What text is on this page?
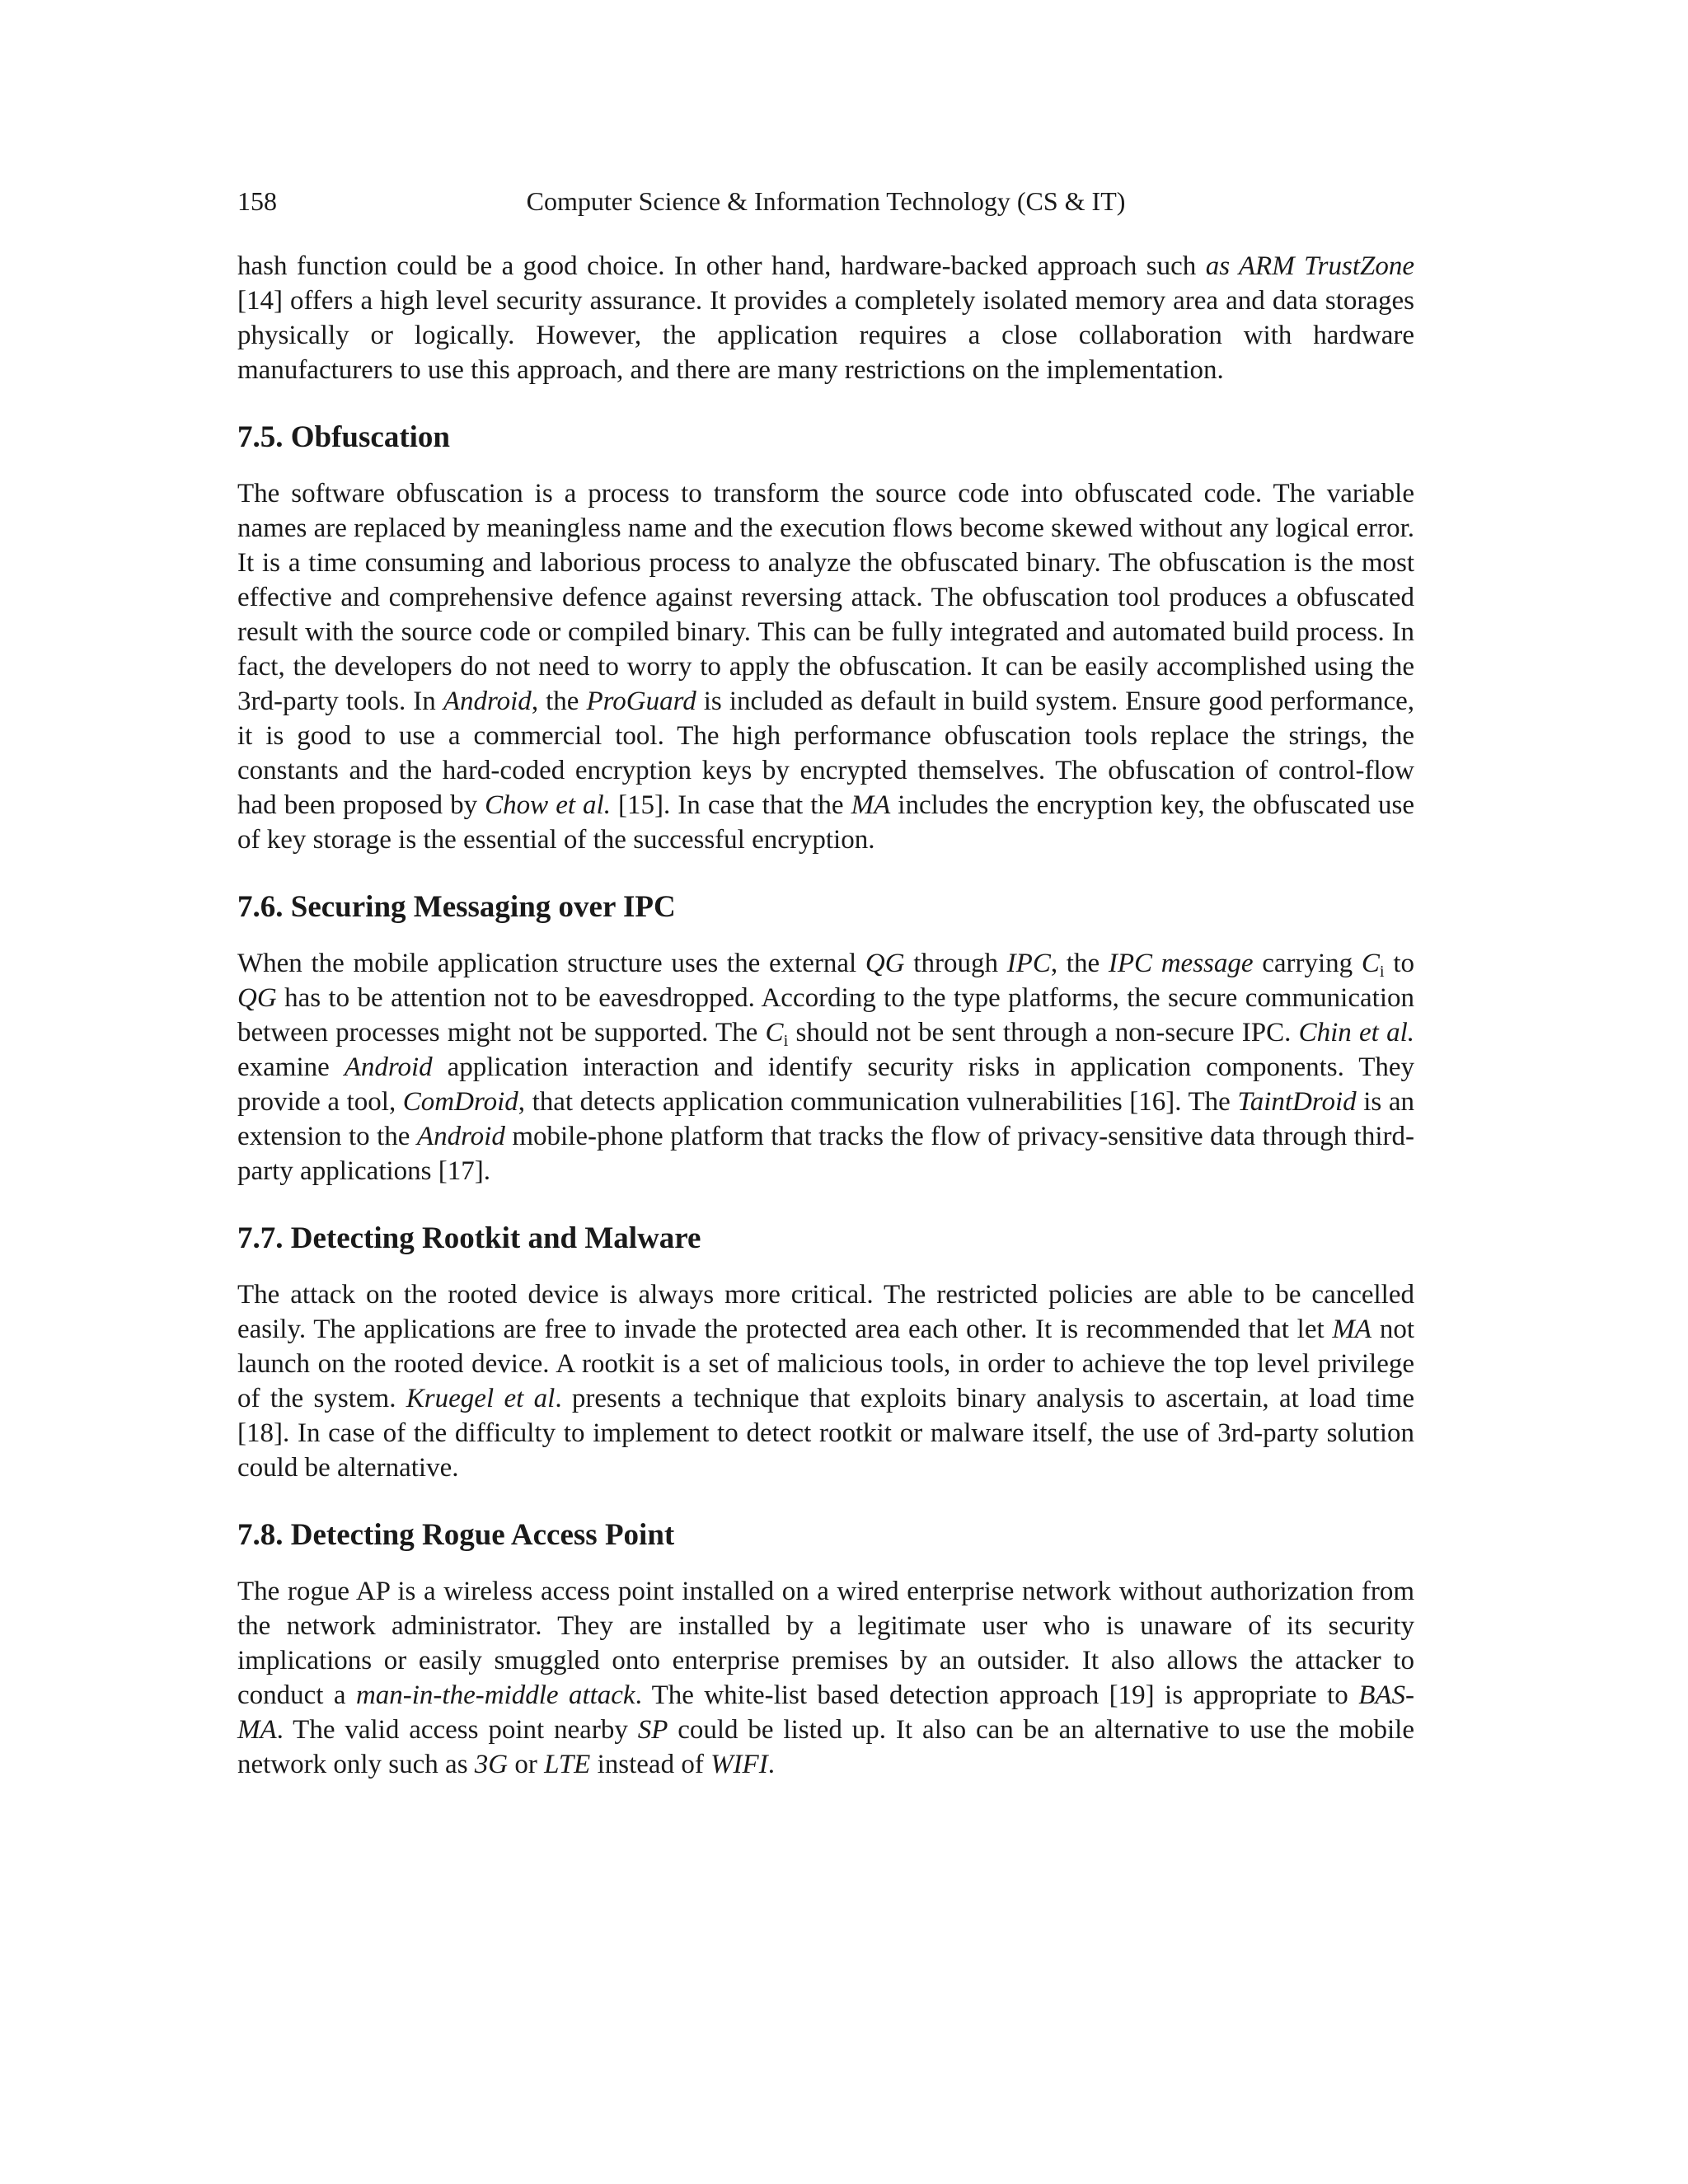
158	Computer Science & Information Technology (CS & IT)

hash function could be a good choice. In other hand, hardware-backed approach such as ARM TrustZone [14] offers a high level security assurance. It provides a completely isolated memory area and data storages physically or logically. However, the application requires a close collaboration with hardware manufacturers to use this approach, and there are many restrictions on the implementation.

7.5. Obfuscation

The software obfuscation is a process to transform the source code into obfuscated code. The variable names are replaced by meaningless name and the execution flows become skewed without any logical error. It is a time consuming and laborious process to analyze the obfuscated binary. The obfuscation is the most effective and comprehensive defence against reversing attack. The obfuscation tool produces a obfuscated result with the source code or compiled binary. This can be fully integrated and automated build process. In fact, the developers do not need to worry to apply the obfuscation. It can be easily accomplished using the 3rd-party tools. In Android, the ProGuard is included as default in build system. Ensure good performance, it is good to use a commercial tool. The high performance obfuscation tools replace the strings, the constants and the hard-coded encryption keys by encrypted themselves. The obfuscation of control-flow had been proposed by Chow et al. [15]. In case that the MA includes the encryption key, the obfuscated use of key storage is the essential of the successful encryption.

7.6. Securing Messaging over IPC

When the mobile application structure uses the external QG through IPC, the IPC message carrying $C_i$ to QG has to be attention not to be eavesdropped. According to the type platforms, the secure communication between processes might not be supported. The $C_i$ should not be sent through a non-secure IPC. Chin et al. examine Android application interaction and identify security risks in application components. They provide a tool, ComDroid, that detects application communication vulnerabilities [16]. The TaintDroid is an extension to the Android mobile-phone platform that tracks the flow of privacy-sensitive data through third-party applications [17].

7.7. Detecting Rootkit and Malware

The attack on the rooted device is always more critical. The restricted policies are able to be cancelled easily. The applications are free to invade the protected area each other. It is recommended that let MA not launch on the rooted device. A rootkit is a set of malicious tools, in order to achieve the top level privilege of the system. Kruegel et al. presents a technique that exploits binary analysis to ascertain, at load time [18]. In case of the difficulty to implement to detect rootkit or malware itself, the use of 3rd-party solution could be alternative.

7.8. Detecting Rogue Access Point

The rogue AP is a wireless access point installed on a wired enterprise network without authorization from the network administrator. They are installed by a legitimate user who is unaware of its security implications or easily smuggled onto enterprise premises by an outsider. It also allows the attacker to conduct a man-in-the-middle attack. The white-list based detection approach [19] is appropriate to BAS-MA. The valid access point nearby SP could be listed up. It also can be an alternative to use the mobile network only such as 3G or LTE instead of WIFI.
